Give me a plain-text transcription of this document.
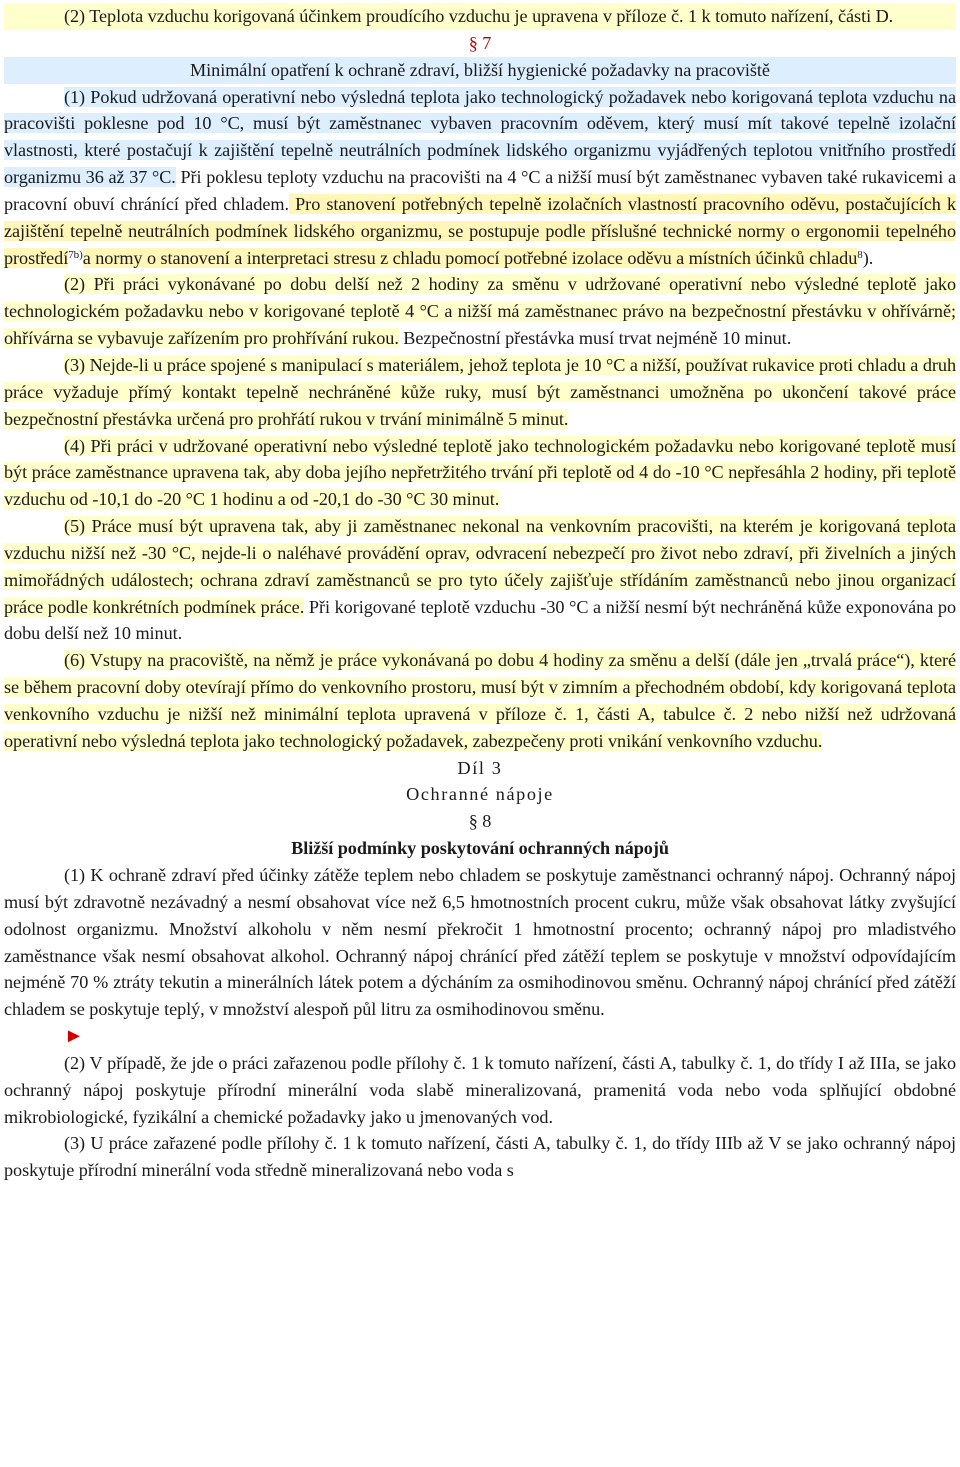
(2) Teplota vzduchu korigovaná účinkem proudícího vzduchu je upravena v příloze č. 1 k tomuto nařízení, části D.

§ 7

Minimální opatření k ochraně zdraví, bližší hygienické požadavky na pracoviště

(1) Pokud udržovaná operativní nebo výsledná teplota jako technologický požadavek nebo korigovaná teplota vzduchu na pracovišti poklesne pod 10 °C, musí být zaměstnanec vybaven pracovním oděvem, který musí mít takové tepelně izolační vlastnosti, které postačují k zajištění tepelně neutrálních podmínek lidského organizmu vyjádřených teplotou vnitřního prostředí organizmu 36 až 37 °C. Při poklesu teploty vzduchu na pracovišti na 4 °C a nižší musí být zaměstnanec vybaven také rukavicemi a pracovní obuví chránící před chladem. Pro stanovení potřebných tepelně izolačních vlastností pracovního oděvu, postačujících k zajištění tepelně neutrálních podmínek lidského organizmu, se postupuje podle příslušné technické normy o ergonomii tepelného prostředí$^{7b)}$a normy o stanovení a interpretaci stresu z chladu pomocí potřebné izolace oděvu a místních účinků chladu$^8$).

(2) Při práci vykonávané po dobu delší než 2 hodiny za směnu v udržované operativní nebo výsledné teplotě jako technologickém požadavku nebo v korigované teplotě 4 °C a nižší má zaměstnanec právo na bezpečnostní přestávku v ohřívárně; ohřívárna se vybavuje zařízením pro prohřívání rukou. Bezpečnostní přestávka musí trvat nejméně 10 minut.

(3) Nejde-li u práce spojené s manipulací s materiálem, jehož teplota je 10 °C a nižší, používat rukavice proti chladu a druh práce vyžaduje přímý kontakt tepelně nechráněné kůže ruky, musí být zaměstnanci umožněna po ukončení takové práce bezpečnostní přestávka určená pro prohřátí rukou v trvání minimálně 5 minut.

(4) Při práci v udržované operativní nebo výsledné teplotě jako technologickém požadavku nebo korigované teplotě musí být práce zaměstnance upravena tak, aby doba jejího nepřetržitého trvání při teplotě od 4 do -10 °C nepřesáhla 2 hodiny, při teplotě vzduchu od -10,1 do -20 °C 1 hodinu a od -20,1 do -30 °C 30 minut.

(5) Práce musí být upravena tak, aby ji zaměstnanec nekonal na venkovním pracovišti, na kterém je korigovaná teplota vzduchu nižší než -30 °C, nejde-li o naléhavé provádění oprav, odvracení nebezpečí pro život nebo zdraví, při živelních a jiných mimořádných událostech; ochrana zdraví zaměstnanců se pro tyto účely zajišťuje střídáním zaměstnanců nebo jinou organizací práce podle konkrétních podmínek práce. Při korigované teplotě vzduchu -30 °C a nižší nesmí být nechráněná kůže exponována po dobu delší než 10 minut.

(6) Vstupy na pracoviště, na němž je práce vykonávaná po dobu 4 hodiny za směnu a delší (dále jen „trvalá práce“), které se během pracovní doby otevírají přímo do venkovního prostoru, musí být v zimním a přechodném období, kdy korigovaná teplota venkovního vzduchu je nižší než minimální teplota upravená v příloze č. 1, části A, tabulce č. 2 nebo nižší než udržovaná operativní nebo výsledná teplota jako technologický požadavek, zabezpečeny proti vnikání venkovního vzduchu.

Díl 3

Ochranné nápoje

§ 8

Bližší podmínky poskytování ochranných nápojů

(1) K ochraně zdraví před účinky zátěže teplem nebo chladem se poskytuje zaměstnanci ochranný nápoj. Ochranný nápoj musí být zdravotně nezávadný a nesmí obsahovat více než 6,5 hmotnostních procent cukru, může však obsahovat látky zvyšující odolnost organizmu. Množství alkoholu v něm nesmí překročit 1 hmotnostní procento; ochranný nápoj pro mladistvého zaměstnance však nesmí obsahovat alkohol. Ochranný nápoj chránící před zátěží teplem se poskytuje v množství odpovídajícím nejméně 70 % ztráty tekutin a minerálních látek potem a dýcháním za osmihodinovou směnu. Ochranný nápoj chránící před zátěží chladem se poskytuje teplý, v množství alespoň půl litru za osmihodinovou směnu.

►

(2) V případě, že jde o práci zařazenou podle přílohy č. 1 k tomuto nařízení, části A, tabulky č. 1, do třídy I až IIIa, se jako ochranný nápoj poskytuje přírodní minerální voda slabě mineralizovaná, pramenitá voda nebo voda splňující obdobné mikrobiologické, fyzikální a chemické požadavky jako u jmenovaných vod.

(3) U práce zařazené podle přílohy č. 1 k tomuto nařízení, části A, tabulky č. 1, do třídy IIIb až V se jako ochranný nápoj poskytuje přírodní minerální voda středně mineralizovaná nebo voda s
